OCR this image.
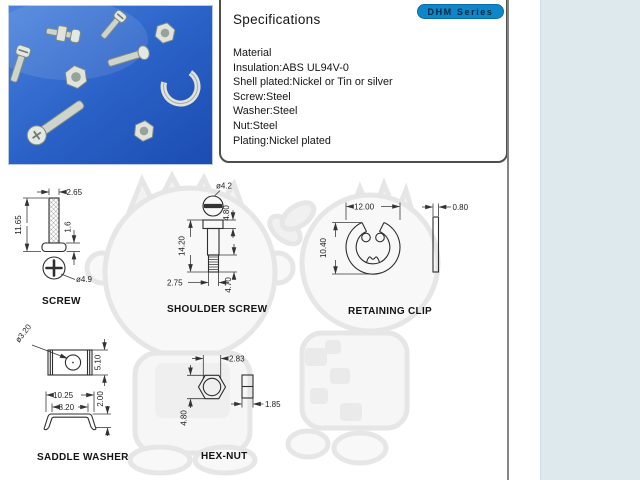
Specifications
Material
Insulation:ABS UL94V-0
Shell plated:Nickel or Tin or silver
Screw:Steel
Washer:Steel
Nut:Steel
Plating:Nickel plated
DHM Series
2.65
11.65	1.6
ø4.9
SCREW
ø4.2
14.20
4.80
4.70
2.75
SHOULDER SCREW
12.00
10.40
0.80
RETAINING CLIP
ø3.20
5.10
10.25
8.20
2.00
SADDLE WASHER
2.83
4.80
1.85
HEX-NUT
